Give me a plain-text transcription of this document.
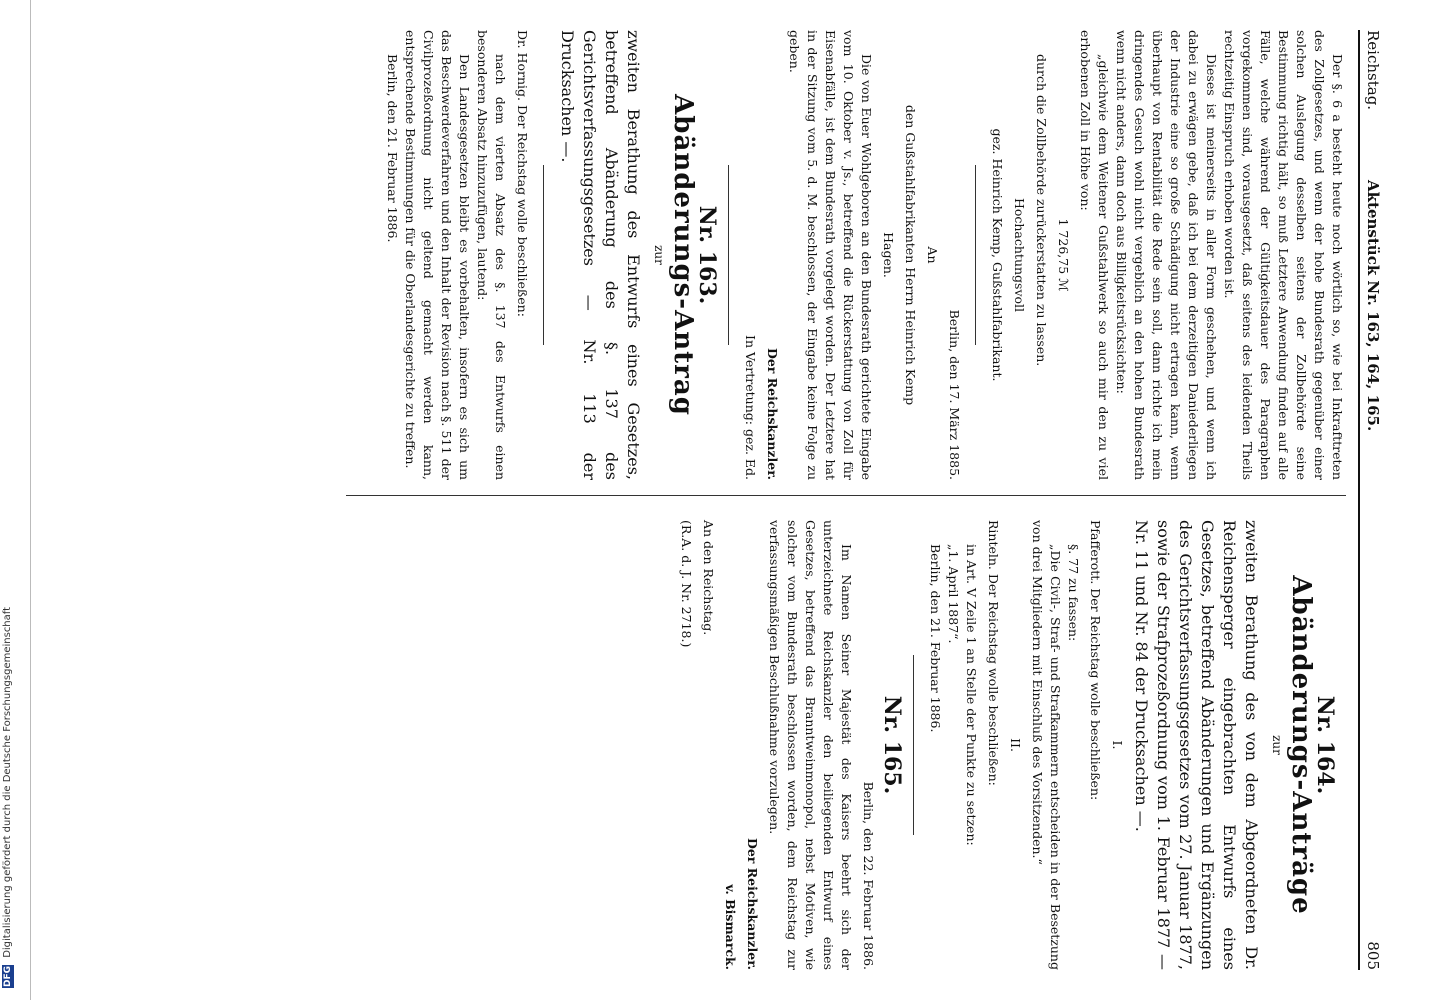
DFG Digitalisierung gefördert durch die Deutsche Forschungsgemeinschaft
Reichstag.
Aktenstück Nr. 163, 164, 165.
805

Der §. 6 a besteht heute noch wörtlich so, wie bei Inkrafttreten des Zollgesetzes, und wenn der hohe Bundesrath gegenüber einer solchen Auslegung desselben seitens der Zollbehörde seine Bestimmung richtig hält, so muß Letztere Anwendung finden auf alle Fälle, welche während der Gültigkeitsdauer des Paragraphen vorgekommen sind, vorausgesetzt, daß seitens des leidenden Theils rechtzeitig Einspruch erhoben worden ist.

Dieses ist meinerseits in aller Form geschehen, und wenn ich dabei zu erwägen gebe, daß ich bei dem derzeitigen Daniederliegen der Industrie eine so große Schädigung nicht ertragen kann, wenn überhaupt von Rentabilität die Rede sein soll, dann richte ich mein dringendes Gesuch wohl nicht vergeblich an den hohen Bundesrath wenn nicht anders, dann doch aus Billigkeitsrücksichten:

„gleichwie dem Weitener Gußstahlwerk so auch mir den zu viel erhobenen Zoll in Höhe von:

1 726,75 ℳ

durch die Zollbehörde zurückerstatten zu lassen.

Hochachtungsvoll

gez. Heinrich Kemp, Gußstahlfabrikant.

Berlin, den 17. März 1885.

An

den Gußstahlfabrikanten Herrn Heinrich Kemp

Hagen.

Die von Euer Wohlgeboren an den Bundesrath gerichtete Eingabe vom 10. Oktober v. Js., betreffend die Rückerstattung von Zoll für Eisenabfälle, ist dem Bundesrath vorgelegt worden. Der Letztere hat in der Sitzung vom 5. d. M. beschlossen, der Eingabe keine Folge zu geben.

Der Reichskanzler.

In Vertretung: gez. Ed.

Nr. 163.
Abänderungs-Antrag
zur

zweiten Berathung des Entwurfs eines Gesetzes, betreffend Abänderung des §. 137 des Gerichtsverfassungsgesetzes — Nr. 113 der Drucksachen —.

Dr. Hornig. Der Reichstag wolle beschließen:

nach dem vierten Absatz des §. 137 des Entwurfs einen besonderen Absatz hinzuzufügen, lautend:

Den Landesgesetzen bleibt es vorbehalten, insofern es sich um das Beschwerdeverfahren und den Inhalt der Revision nach §. 511 der Civilprozeßordnung nicht geltend gemacht werden kann, entsprechende Bestimmungen für die Oberlandesgerichte zu treffen.

Berlin, den 21. Februar 1886.

Nr. 164.
Abänderungs-Anträge
zur

zweiten Berathung des von dem Abgeordneten Dr. Reichensperger eingebrachten Entwurfs eines Gesetzes, betreffend Abänderungen und Ergänzungen des Gerichtsverfassungsgesetzes vom 27. Januar 1877, sowie der Strafprozeßordnung vom 1. Februar 1877 — Nr. 11 und Nr. 84 der Drucksachen —.

I.

Pfafferott. Der Reichstag wolle beschließen:

§. 77 zu fassen:

„Die Civil-, Straf- und Strafkammern entscheiden in der Besetzung von drei Mitgliedern mit Einschluß des Vorsitzenden.“

II.

Rinteln. Der Reichstag wolle beschließen:

in Art. V Zeile 1 an Stelle der Punkte zu setzen:

„1. April 1887“.

Berlin, den 21. Februar 1886.

Nr. 165.

Berlin, den 22. Februar 1886.

Im Namen Seiner Majestät des Kaisers beehrt sich der unterzeichnete Reichskanzler den beiliegenden Entwurf eines Gesetzes, betreffend das Branntweinmonopol, nebst Motiven, wie solcher vom Bundesrath beschlossen worden, dem Reichstag zur verfassungsmäßigen Beschlußnahme vorzulegen.

Der Reichskanzler.

v. Bismarck.

An den Reichstag.

(R.A. d. J. Nr. 2718.)
